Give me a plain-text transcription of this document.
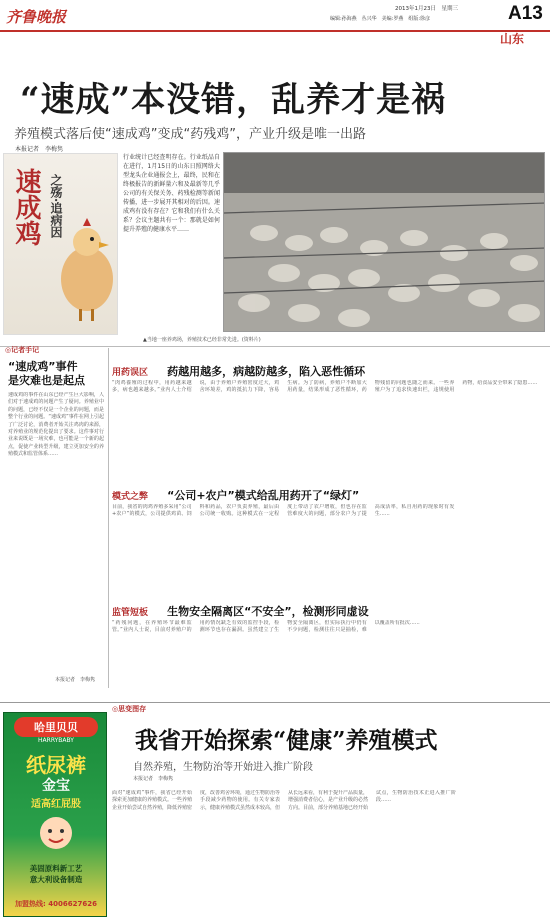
齐鲁晚报	2013年1月23日　星期三
编辑:孙海燕　丛兴华　美编:罗燕　组版:徐彦	A13
山东
“速成”本没错，乱养才是祸
养殖模式落后使“速成鸡”变成“药残鸡”，产业升级是唯一出路
本报记者　李梅隽
速成鸡 之殇·追病因
行业统计已经查明存在。行业纸品自在进行，1月15日的山东日照网络大型龙头企业通报会上，最终，民和在终极报告的新鲜量六和及最新等几乎公司的有关保关务、药残检测等新闻传播，进一步展开其相对的后因。速成鸡有没有存在？它和我们有什么关系？会议主题共有一个：那就是如何提升养殖的健康水平……
▲当地一座养鸡场，养殖技术已经非常先进。(资料片)
◎记者手记
“速成鸡”事件
是灾难也是起点
速成鸡的事件在山东已经产生巨大影响，人们对于速成鸡的问题产生了疑问。养殖业中的问题，已经不仅是一个企业的问题，而是整个行业的问题。“速成鸡”事件在网上引起了广泛讨论，消费者开始关注鸡肉的来源，对养殖业的规范化提出了要求。这件事对行业来说既是一场灾难，也可能是一个新的起点，促使产业转型升级，建立更加安全的养殖模式和监管体系……
本报记者　李梅隽
用药误区 药越用越多，病越防越多，陷入恶性循环
“肉鸡養殖的过程中，用药越来越多，病也越来越多。”业内人士介绍说，由于养殖户养殖密度过大，鸡舍环境差，鸡的抵抗力下降，容易生病。为了防病，养殖户不断加大用药量，结果形成了恶性循环，药物残留的问题也随之而来。一些养殖户为了追求快速出栏，违规使用药物，给食品安全带来了隐患……
模式之弊 “公司+农户”模式给乱用药开了“绿灯”
目前，我省的肉鸡养殖多采用“公司+农户”的模式，公司提供鸡苗、饲料和药品，农户负责养殖，最后由公司统一收购。这种模式在一定程度上带动了农户增收，但也存在监管难度大的问题，部分农户为了提高成活率，私自用药的现象时有发生……
监管短板 生物安全隔离区“不安全”，检测形同虚设
“药残问题，在养殖环节最难监管。”业内人士说，目前对养殖户的用药情况缺乏有效的监控手段，检测环节也存在漏洞。虽然建立了生物安全隔离区，但实际执行中仍有不少问题，检测往往只是抽检，难以覆盖所有批次……
哈里贝贝
HARRYBABY
纸尿裤
金宝
适高红屁股
美固原料新工艺
意大利设备制造
加盟热线: 4006627626
◎思变图存
我省开始探索“健康”养殖模式
自然养殖，生物防治等开始进入推广阶段
本报记者　李梅隽
面对“速成鸡”事件，我省已经开始探索更加健康的养殖模式。一些养殖企业开始尝试自然养殖，降低养殖密度，改善鸡舍环境，通过生物防治等手段减少药物的使用。有关专家表示，健康养殖模式虽然成本较高，但从长远来看，有利于提升产品质量，增强消费者信心，是产业升级的必然方向。目前，部分养殖基地已经开始试点，生物防治技术正进入推广阶段……
